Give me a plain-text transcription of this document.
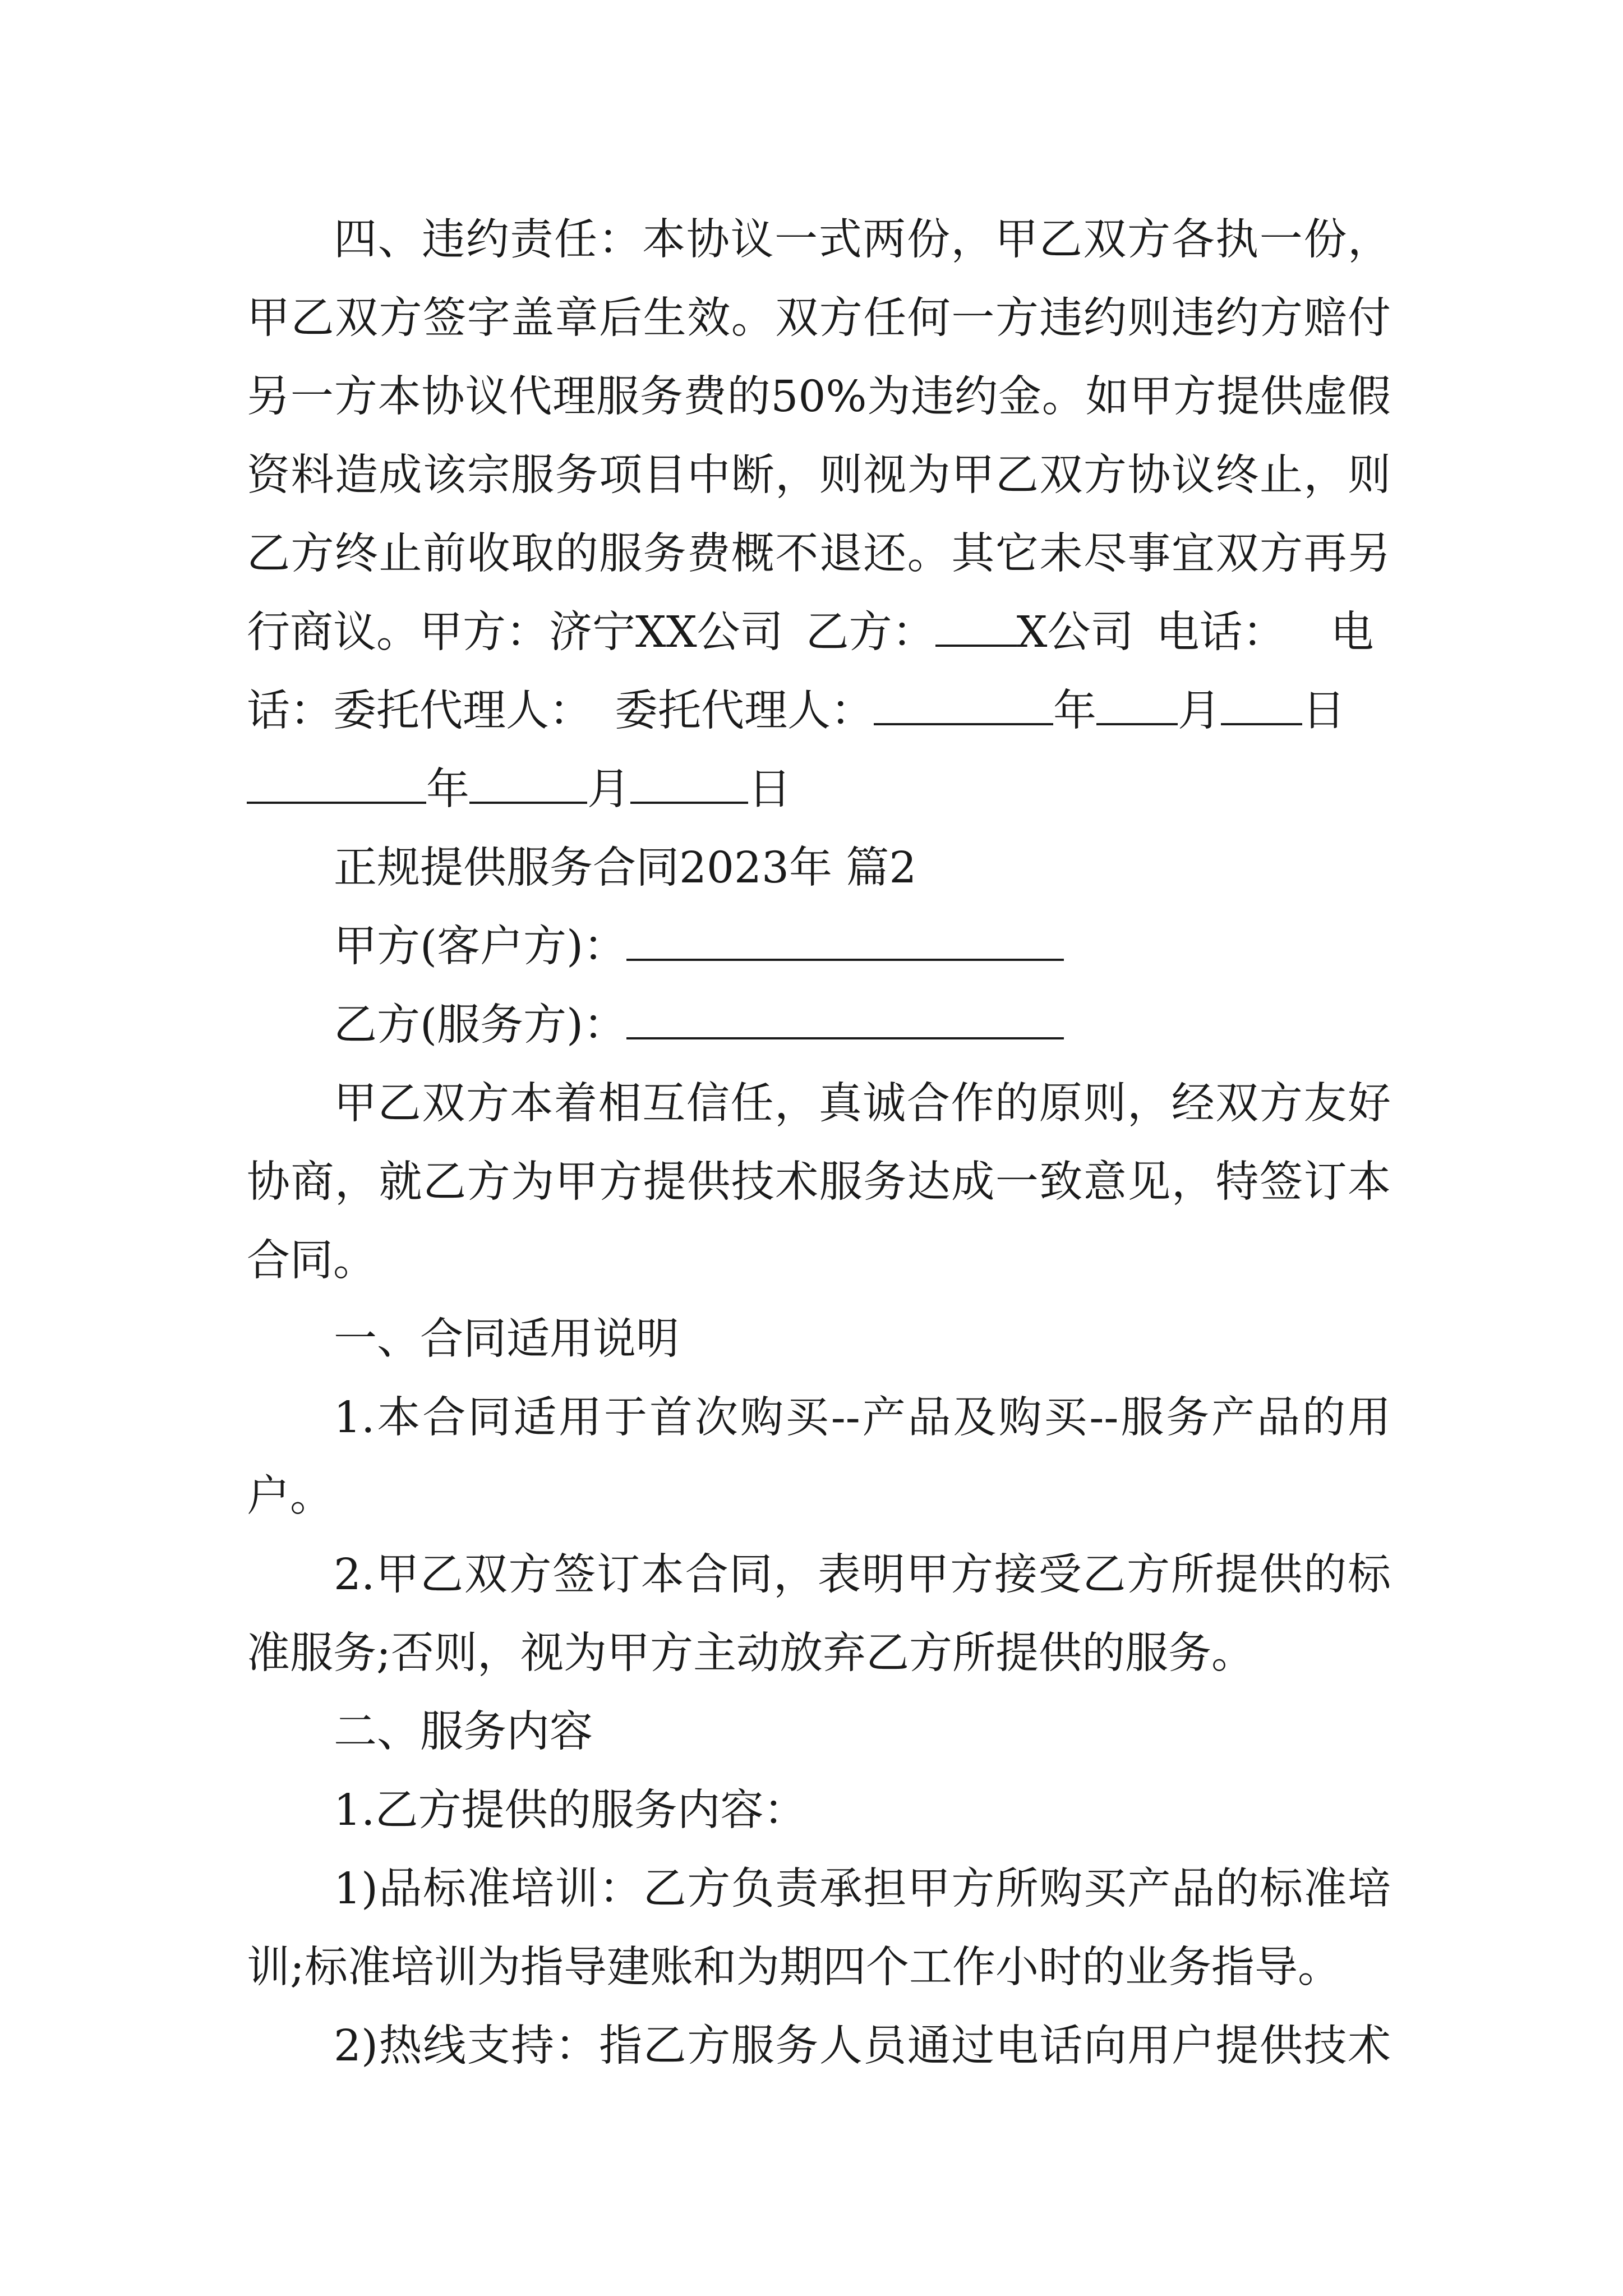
四、违约责任：本协议一式两份，甲乙双方各执一份，
甲乙双方签字盖章后生效。双方任何一方违约则违约方赔付
另一方本协议代理服务费的50%为违约金。如甲方提供虚假
资料造成该宗服务项目中断，则视为甲乙双方协议终止，则
乙方终止前收取的服务费概不退还。其它未尽事宜双方再另
行商议。甲方：济宁XX公司 乙方： X公司 电话： 电
话：委托代理人： 委托代理人：	年 月 日
年	月	日
正规提供服务合同2023年 篇2
甲方(客户方)：
乙方(服务方)：
甲乙双方本着相互信任，真诚合作的原则，经双方友好
协商，就乙方为甲方提供技术服务达成一致意见，特签订本
合同。
一、合同适用说明
1.本合同适用于首次购买--产品及购买--服务产品的用
户。
2.甲乙双方签订本合同，表明甲方接受乙方所提供的标
准服务;否则，视为甲方主动放弃乙方所提供的服务。
二、服务内容
1.乙方提供的服务内容：
1)品标准培训：乙方负责承担甲方所购买产品的标准培
训;标准培训为指导建账和为期四个工作小时的业务指导。
2)热线支持：指乙方服务人员通过电话向用户提供技术
